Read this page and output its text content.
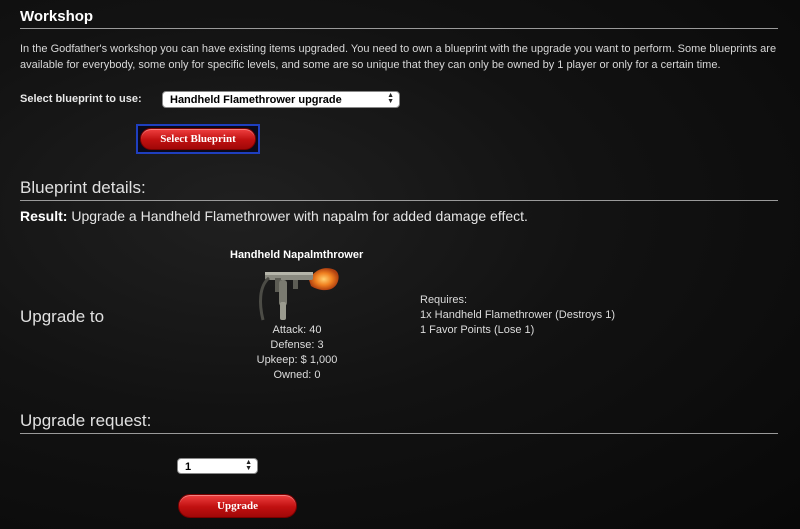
Workshop
In the Godfather's workshop you can have existing items upgraded. You need to own a blueprint with the upgrade you want to perform. Some blueprints are available for everybody, some only for specific levels, and some are so unique that they can only be owned by 1 player or only for a certain time.
Select blueprint to use:	Handheld Flamethrower upgrade	▲
▼
Select Blueprint
Blueprint details:
Result: Upgrade a Handheld Flamethrower with napalm for added damage effect.
Upgrade to
Handheld Napalmthrower
Attack: 40
Defense: 3
Upkeep: $ 1,000
Owned: 0
Requires:
1x Handheld Flamethrower (Destroys 1)
1 Favor Points (Lose 1)
Upgrade request:
1	▲
▼
Upgrade
